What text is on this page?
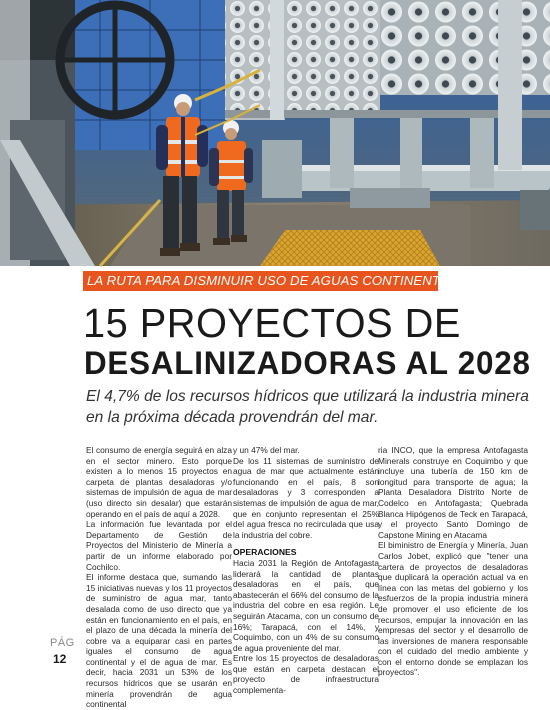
LA RUTA PARA DISMINUIR USO DE AGUAS CONTINENTALES
15 PROYECTOS DE
DESALINIZADORAS AL 2028

El 4,7% de los recursos hídricos que utilizará la industria minera en la próxima década provendrán del mar.

El consumo de energía seguirá en alza en el sector minero. Esto porque existen a lo menos 15 proyectos en carpeta de plantas desaladoras y/o sistemas de impulsión de agua de mar (uso directo sin desalar) que estarán operando en el país de aquí a 2028.

La información fue levantada por el Departamento de Gestión de Proyectos del Ministerio de Minería a partir de un informe elaborado por Cochilco.

El informe destaca que, sumando las 15 iniciativas nuevas y los 11 proyectos de suministro de agua mar, tanto desalada como de uso directo que ya están en funcionamiento en el país, en el plazo de una década la minería del cobre va a equiparar casi en partes iguales el consumo de agua continental y el de agua de mar. Es decir, hacia 2031 un 53% de los recursos hídricos que se usarán en minería provendrán de agua continental

y un 47% del mar.

De los 11 sistemas de suministro de agua de mar que actualmente están funcionando en el país, 8 son desaladoras y 3 corresponden a sistemas de impulsión de agua de mar, que en conjunto representan el 25% del agua fresca no recirculada que usa la industria del cobre.

OPERACIONES

Hacia 2031 la Región de Antofagasta liderará la cantidad de plantas desaladoras en el país, que abastecerán el 66% del consumo de la industria del cobre en esa región. Le seguirán Atacama, con un consumo de 16%; Tarapacá, con el 14%, y Coquimbo, con un 4% de su consumo de agua proveniente del mar.

Entre los 15 proyectos de desaladoras que están en carpeta destacan el proyecto de infraestructura complementa-

ria INCO, que la empresa Antofagasta Minerals construye en Coquimbo y que incluye una tubería de 150 km de longitud para transporte de agua; la Planta Desaladora Distrito Norte de Codelco en Antofagasta; Quebrada Blanca Hipógenos de Teck en Tarapacá, y el proyecto Santo Domingo de Capstone Mining en Atacama

El biministro de Energía y Minería, Juan Carlos Jobet, explicó que "tener una cartera de proyectos de desaladoras que duplicará la operación actual va en línea con las metas del gobierno y los esfuerzos de la propia industria minera de promover el uso eficiente de los recursos, empujar la innovación en las empresas del sector y el desarrollo de las inversiones de manera responsable con el cuidado del medio ambiente y con el entorno donde se emplazan los proyectos".

PÁG
12
